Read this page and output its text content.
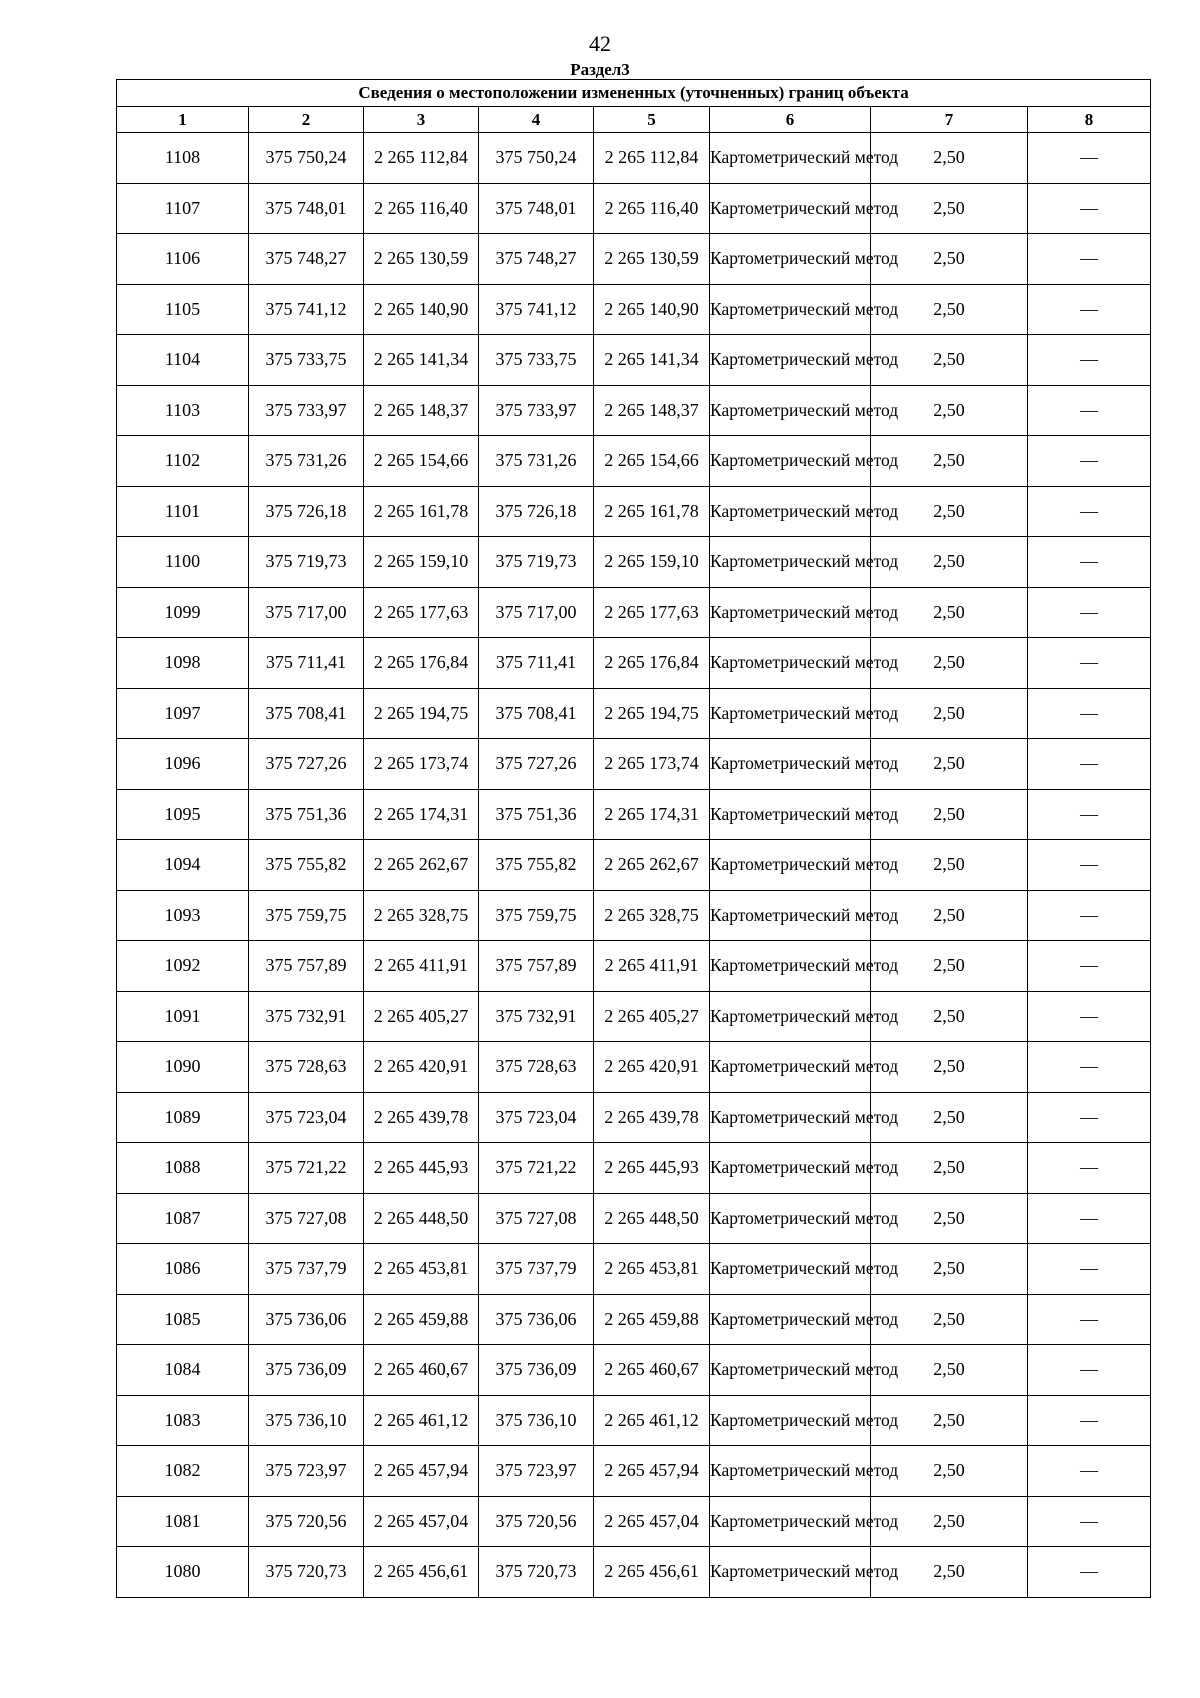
42
Раздел3
Сведения о местоположении измененных (уточненных) границ объекта							
1	2	3	4	5	6	7	8
1108	375 750,24	2 265 112,84	375 750,24	2 265 112,84	Картометрический метод	2,50	—
1107	375 748,01	2 265 116,40	375 748,01	2 265 116,40	Картометрический метод	2,50	—
1106	375 748,27	2 265 130,59	375 748,27	2 265 130,59	Картометрический метод	2,50	—
1105	375 741,12	2 265 140,90	375 741,12	2 265 140,90	Картометрический метод	2,50	—
1104	375 733,75	2 265 141,34	375 733,75	2 265 141,34	Картометрический метод	2,50	—
1103	375 733,97	2 265 148,37	375 733,97	2 265 148,37	Картометрический метод	2,50	—
1102	375 731,26	2 265 154,66	375 731,26	2 265 154,66	Картометрический метод	2,50	—
1101	375 726,18	2 265 161,78	375 726,18	2 265 161,78	Картометрический метод	2,50	—
1100	375 719,73	2 265 159,10	375 719,73	2 265 159,10	Картометрический метод	2,50	—
1099	375 717,00	2 265 177,63	375 717,00	2 265 177,63	Картометрический метод	2,50	—
1098	375 711,41	2 265 176,84	375 711,41	2 265 176,84	Картометрический метод	2,50	—
1097	375 708,41	2 265 194,75	375 708,41	2 265 194,75	Картометрический метод	2,50	—
1096	375 727,26	2 265 173,74	375 727,26	2 265 173,74	Картометрический метод	2,50	—
1095	375 751,36	2 265 174,31	375 751,36	2 265 174,31	Картометрический метод	2,50	—
1094	375 755,82	2 265 262,67	375 755,82	2 265 262,67	Картометрический метод	2,50	—
1093	375 759,75	2 265 328,75	375 759,75	2 265 328,75	Картометрический метод	2,50	—
1092	375 757,89	2 265 411,91	375 757,89	2 265 411,91	Картометрический метод	2,50	—
1091	375 732,91	2 265 405,27	375 732,91	2 265 405,27	Картометрический метод	2,50	—
1090	375 728,63	2 265 420,91	375 728,63	2 265 420,91	Картометрический метод	2,50	—
1089	375 723,04	2 265 439,78	375 723,04	2 265 439,78	Картометрический метод	2,50	—
1088	375 721,22	2 265 445,93	375 721,22	2 265 445,93	Картометрический метод	2,50	—
1087	375 727,08	2 265 448,50	375 727,08	2 265 448,50	Картометрический метод	2,50	—
1086	375 737,79	2 265 453,81	375 737,79	2 265 453,81	Картометрический метод	2,50	—
1085	375 736,06	2 265 459,88	375 736,06	2 265 459,88	Картометрический метод	2,50	—
1084	375 736,09	2 265 460,67	375 736,09	2 265 460,67	Картометрический метод	2,50	—
1083	375 736,10	2 265 461,12	375 736,10	2 265 461,12	Картометрический метод	2,50	—
1082	375 723,97	2 265 457,94	375 723,97	2 265 457,94	Картометрический метод	2,50	—
1081	375 720,56	2 265 457,04	375 720,56	2 265 457,04	Картометрический метод	2,50	—
1080	375 720,73	2 265 456,61	375 720,73	2 265 456,61	Картометрический метод	2,50	—
